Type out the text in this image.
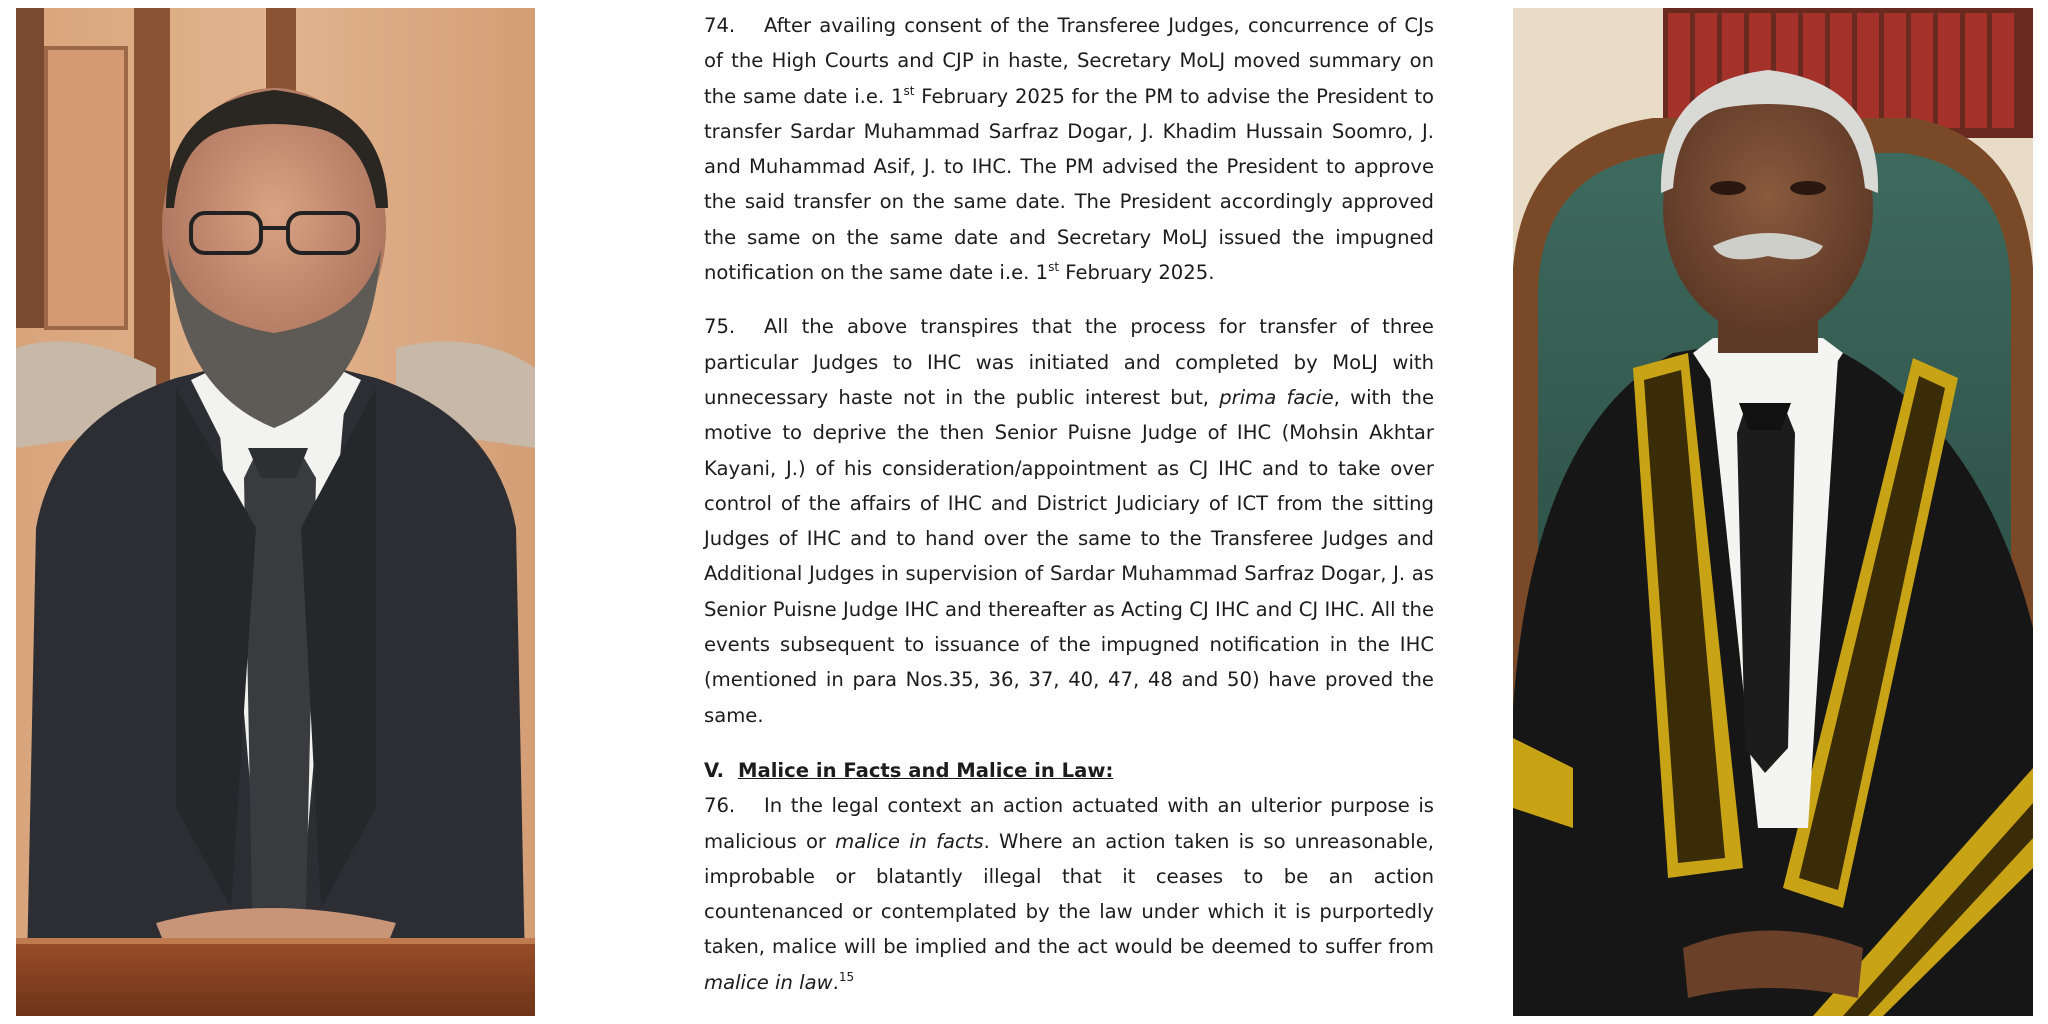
74. After availing consent of the Transferee Judges, concurrence of CJs of the High Courts and CJP in haste, Secretary MoLJ moved summary on the same date i.e. 1st February 2025 for the PM to advise the President to transfer Sardar Muhammad Sarfraz Dogar, J. Khadim Hussain Soomro, J. and Muhammad Asif, J. to IHC. The PM advised the President to approve the said transfer on the same date. The President accordingly approved the same on the same date and Secretary MoLJ issued the impugned notification on the same date i.e. 1st February 2025.

75. All the above transpires that the process for transfer of three particular Judges to IHC was initiated and completed by MoLJ with unnecessary haste not in the public interest but, prima facie, with the motive to deprive the then Senior Puisne Judge of IHC (Mohsin Akhtar Kayani, J.) of his consideration/appointment as CJ IHC and to take over control of the affairs of IHC and District Judiciary of ICT from the sitting Judges of IHC and to hand over the same to the Transferee Judges and Additional Judges in supervision of Sardar Muhammad Sarfraz Dogar, J. as Senior Puisne Judge IHC and thereafter as Acting CJ IHC and CJ IHC. All the events subsequent to issuance of the impugned notification in the IHC (mentioned in para Nos.35, 36, 37, 40, 47, 48 and 50) have proved the same.

V. Malice in Facts and Malice in Law:

76. In the legal context an action actuated with an ulterior purpose is malicious or malice in facts. Where an action taken is so unreasonable, improbable or blatantly illegal that it ceases to be an action countenanced or contemplated by the law under which it is purportedly taken, malice will be implied and the act would be deemed to suffer from malice in law.$^{15}$
